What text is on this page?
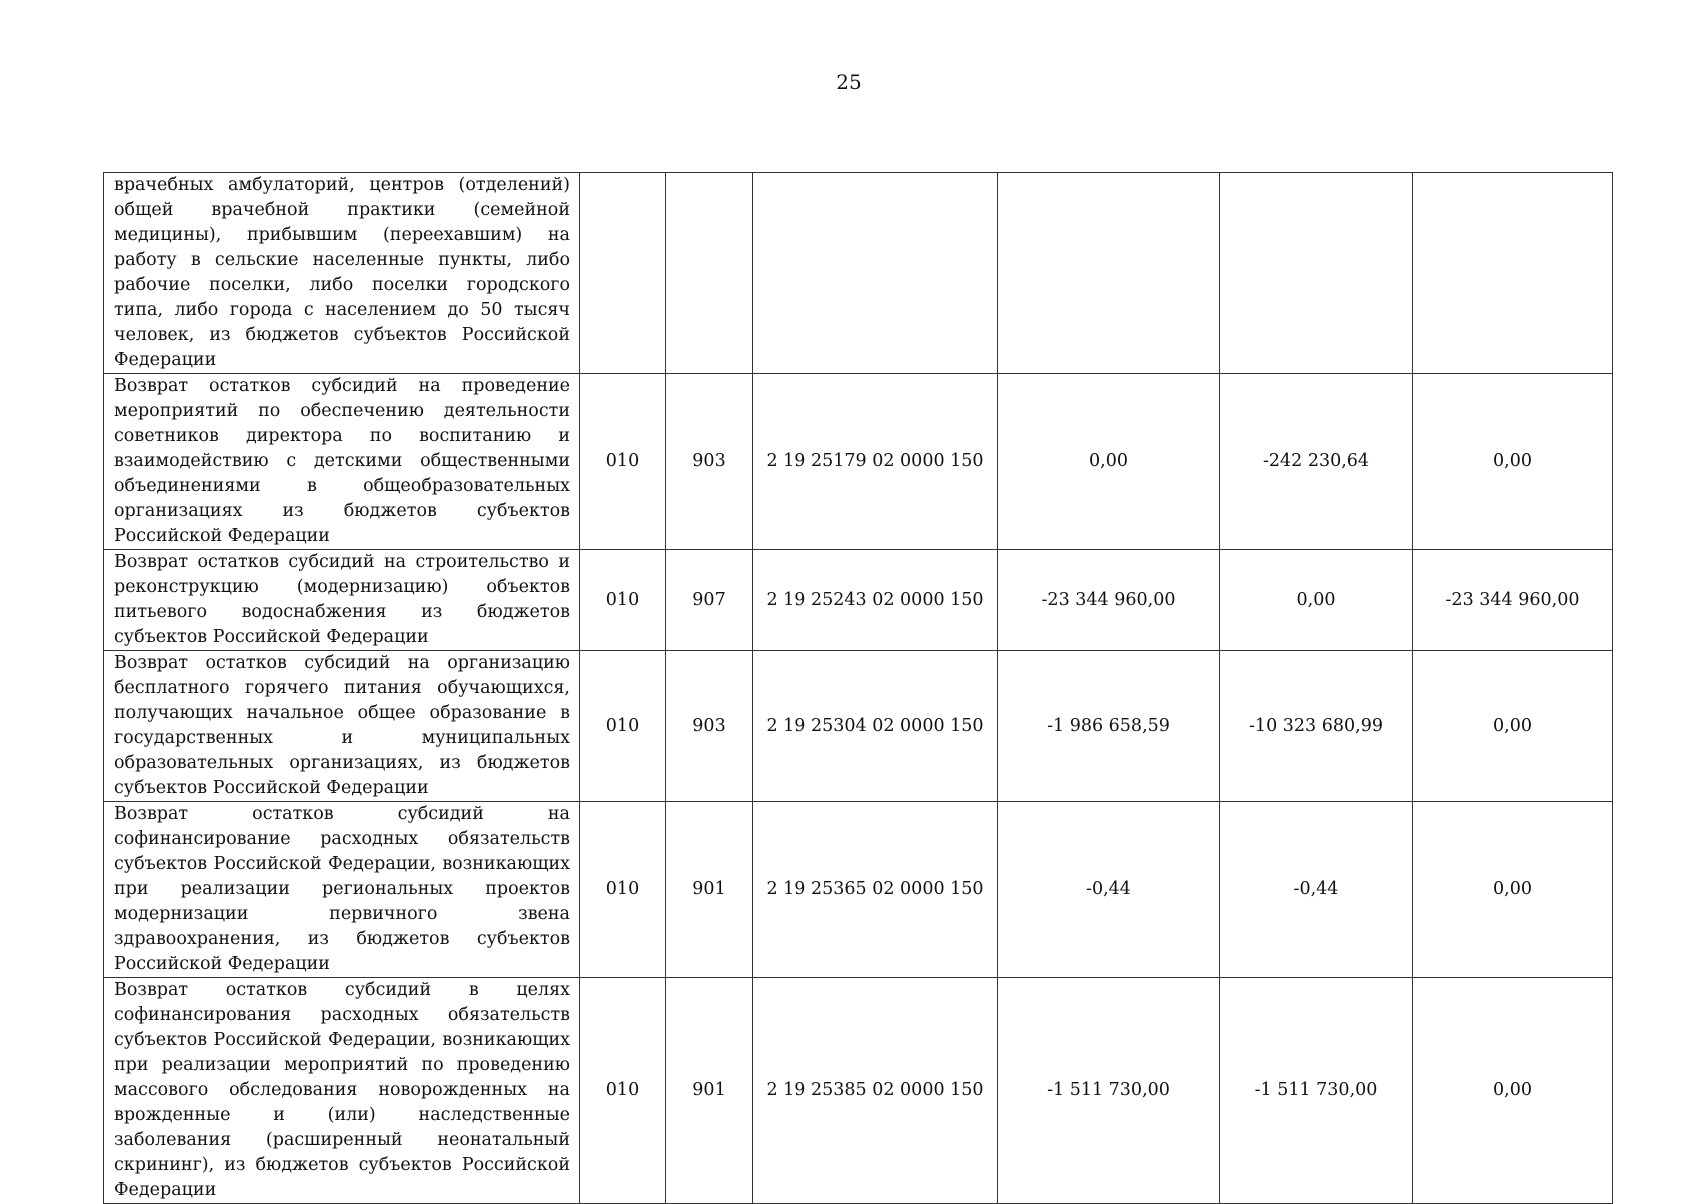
25
врачебных амбулаторий, центров (отделений) общей врачебной практики (семейной медицины), прибывшим (переехавшим) на работу в сельские населенные пункты, либо рабочие поселки, либо поселки городского типа, либо города с населением до 50 тысяч человек, из бюджетов субъектов Российской Федерации						

Возврат остатков субсидий на проведение мероприятий по обеспечению деятельности советников директора по воспитанию и взаимодействию с детскими общественными объединениями в общеобразовательных организациях из бюджетов субъектов Российской Федерации	010	903	2 19 25179 02 0000 150	0,00	-242 230,64	0,00

Возврат остатков субсидий на строительство и реконструкцию (модернизацию) объектов питьевого водоснабжения из бюджетов субъектов Российской Федерации	010	907	2 19 25243 02 0000 150	-23 344 960,00	0,00	-23 344 960,00

Возврат остатков субсидий на организацию бесплатного горячего питания обучающихся, получающих начальное общее образование в государственных и муниципальных образовательных организациях, из бюджетов субъектов Российской Федерации	010	903	2 19 25304 02 0000 150	-1 986 658,59	-10 323 680,99	0,00

Возврат остатков субсидий на софинансирование расходных обязательств субъектов Российской Федерации, возникающих при реализации региональных проектов модернизации первичного звена здравоохранения, из бюджетов субъектов Российской Федерации	010	901	2 19 25365 02 0000 150	-0,44	-0,44	0,00

Возврат остатков субсидий в целях софинансирования расходных обязательств субъектов Российской Федерации, возникающих при реализации мероприятий по проведению массового обследования новорожденных на врожденные и (или) наследственные заболевания (расширенный неонатальный скрининг), из бюджетов субъектов Российской Федерации	010	901	2 19 25385 02 0000 150	-1 511 730,00	-1 511 730,00	0,00
